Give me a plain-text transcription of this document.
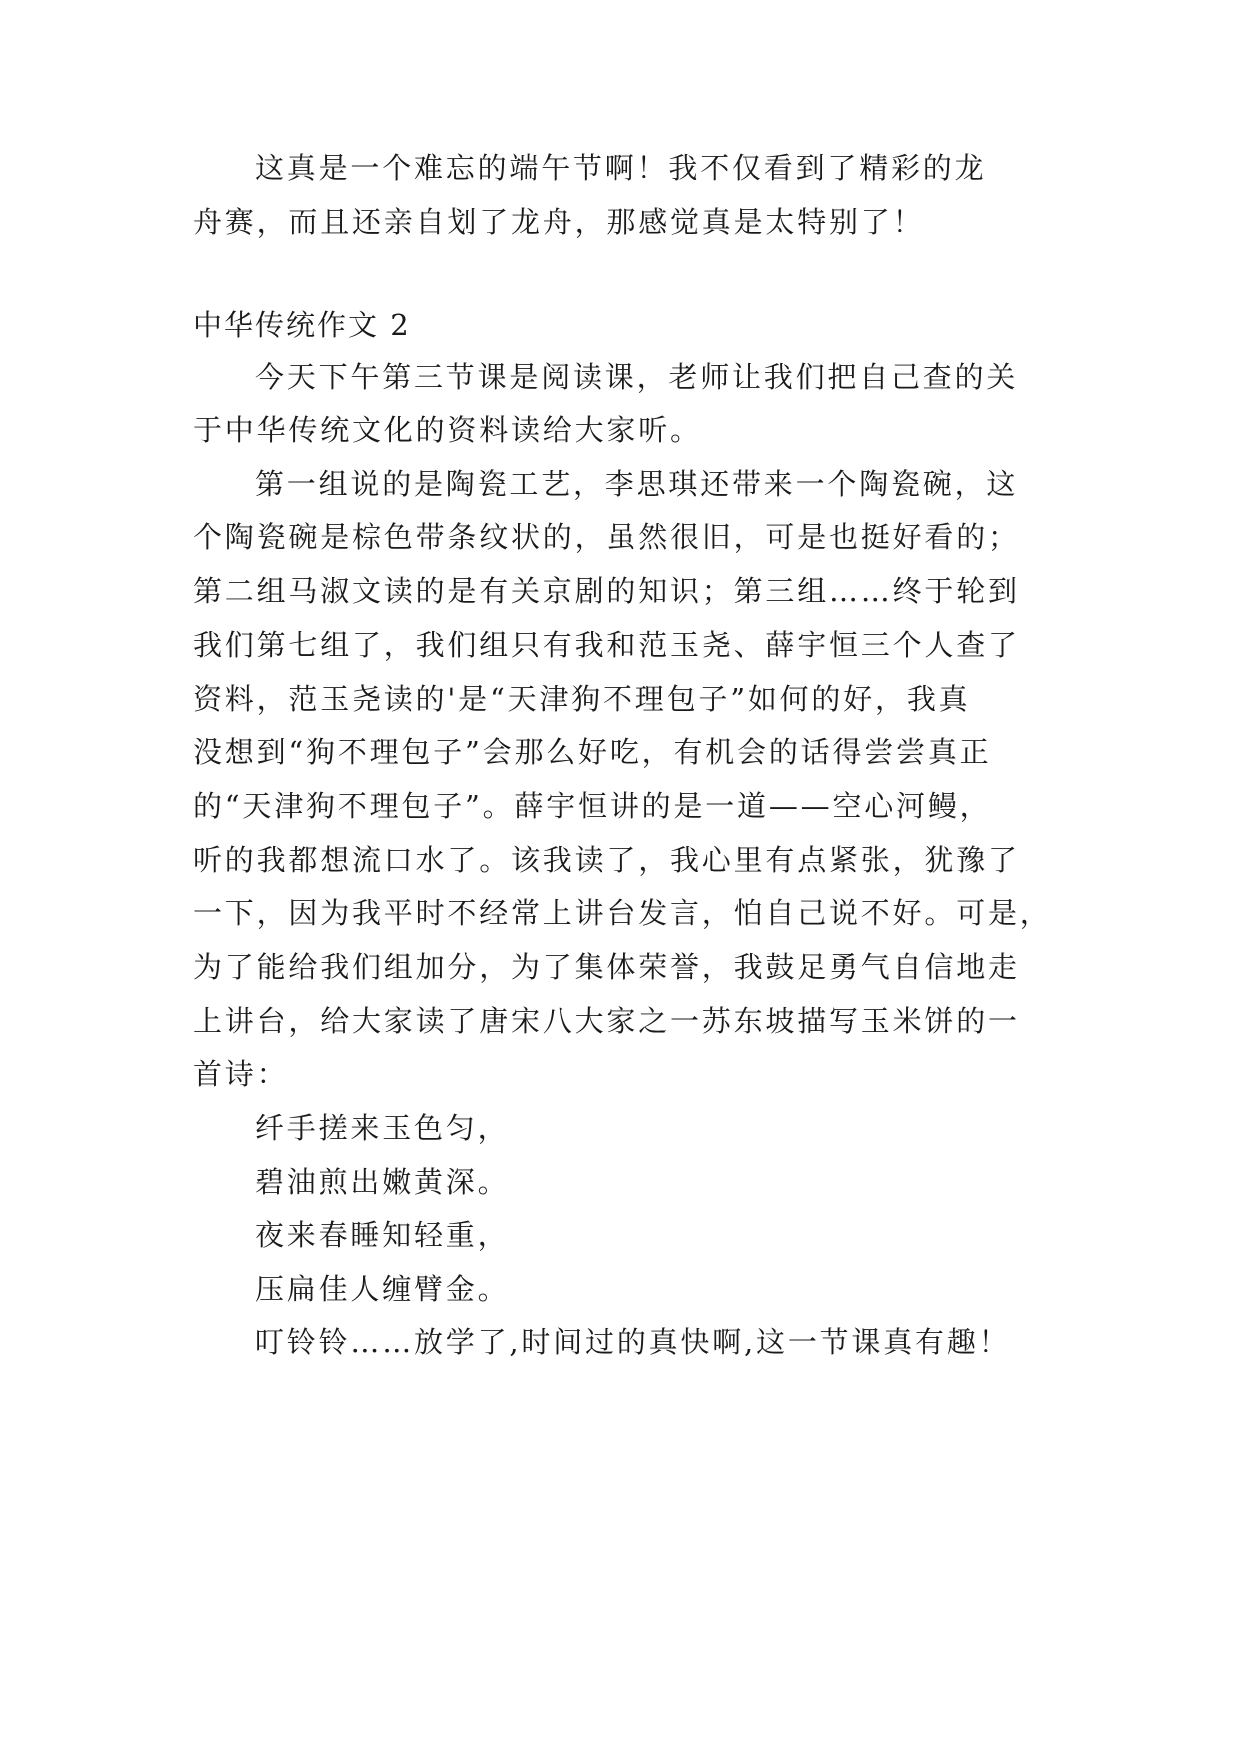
这真是一个难忘的端午节啊！我不仅看到了精彩的龙
舟赛，而且还亲自划了龙舟，那感觉真是太特别了！
中华传统作文 2
今天下午第三节课是阅读课，老师让我们把自己查的关
于中华传统文化的资料读给大家听。
第一组说的是陶瓷工艺，李思琪还带来一个陶瓷碗，这
个陶瓷碗是棕色带条纹状的，虽然很旧，可是也挺好看的；
第二组马淑文读的是有关京剧的知识；第三组……终于轮到
我们第七组了，我们组只有我和范玉尧、薛宇恒三个人查了
资料，范玉尧读的'是“天津狗不理包子”如何的好，我真
没想到“狗不理包子”会那么好吃，有机会的话得尝尝真正
的“天津狗不理包子”。薛宇恒讲的是一道——空心河鳗，
听的我都想流口水了。该我读了，我心里有点紧张，犹豫了
一下，因为我平时不经常上讲台发言，怕自己说不好。可是，
为了能给我们组加分，为了集体荣誉，我鼓足勇气自信地走
上讲台，给大家读了唐宋八大家之一苏东坡描写玉米饼的一
首诗：
纤手搓来玉色匀，
碧油煎出嫩黄深。
夜来春睡知轻重，
压扁佳人缠臂金。
叮铃铃……放学了,时间过的真快啊,这一节课真有趣！
